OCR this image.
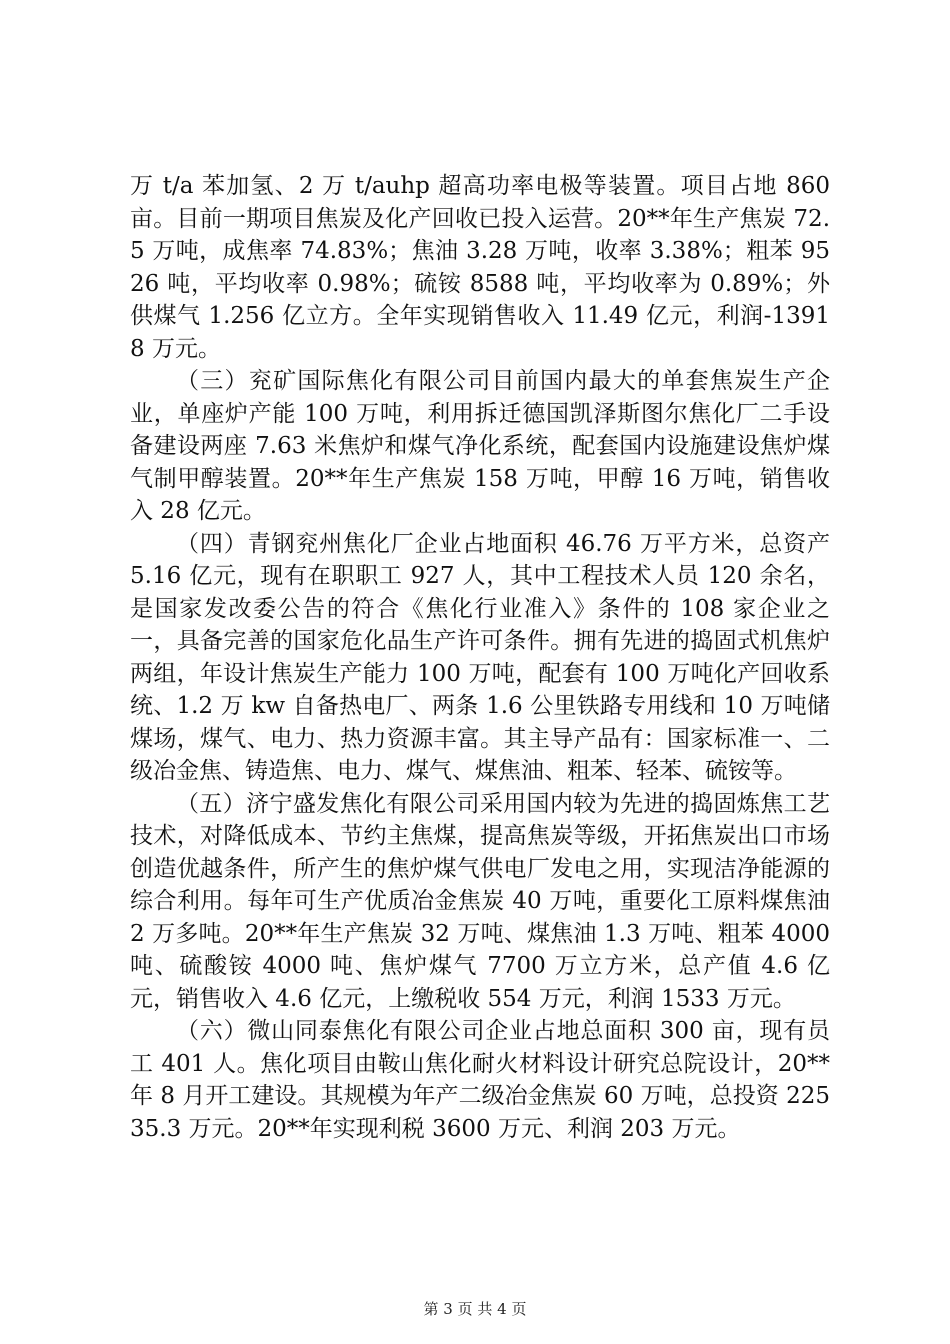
万 t/a 苯加氢、2 万 t/auhp 超高功率电极等装置。项目占地 860 亩。目前一期项目焦炭及化产回收已投入运营。20**年生产焦炭 72.5 万吨，成焦率 74.83%；焦油 3.28 万吨，收率 3.38%；粗苯 9526 吨，平均收率 0.98%；硫铵 8588 吨，平均收率为 0.89%；外供煤气 1.256 亿立方。全年实现销售收入 11.49 亿元，利润-13918 万元。

（三）兖矿国际焦化有限公司目前国内最大的单套焦炭生产企业，单座炉产能 100 万吨，利用拆迁德国凯泽斯图尔焦化厂二手设备建设两座 7.63 米焦炉和煤气净化系统，配套国内设施建设焦炉煤气制甲醇装置。20**年生产焦炭 158 万吨，甲醇 16 万吨，销售收入 28 亿元。

（四）青钢兖州焦化厂企业占地面积 46.76 万平方米，总资产 5.16 亿元，现有在职职工 927 人，其中工程技术人员 120 余名，是国家发改委公告的符合《焦化行业准入》条件的 108 家企业之一，具备完善的国家危化品生产许可条件。拥有先进的捣固式机焦炉两组，年设计焦炭生产能力 100 万吨，配套有 100 万吨化产回收系统、1.2 万 kw 自备热电厂、两条 1.6 公里铁路专用线和 10 万吨储煤场，煤气、电力、热力资源丰富。其主导产品有：国家标准一、二级冶金焦、铸造焦、电力、煤气、煤焦油、粗苯、轻苯、硫铵等。

（五）济宁盛发焦化有限公司采用国内较为先进的捣固炼焦工艺技术，对降低成本、节约主焦煤，提高焦炭等级，开拓焦炭出口市场创造优越条件，所产生的焦炉煤气供电厂发电之用，实现洁净能源的综合利用。每年可生产优质冶金焦炭 40 万吨，重要化工原料煤焦油 2 万多吨。20**年生产焦炭 32 万吨、煤焦油 1.3 万吨、粗苯 4000 吨、硫酸铵 4000 吨、焦炉煤气 7700 万立方米，总产值 4.6 亿元，销售收入 4.6 亿元，上缴税收 554 万元，利润 1533 万元。

（六）微山同泰焦化有限公司企业占地总面积 300 亩，现有员工 401 人。焦化项目由鞍山焦化耐火材料设计研究总院设计，20**年 8 月开工建设。其规模为年产二级冶金焦炭 60 万吨，总投资 22535.3 万元。20**年实现利税 3600 万元、利润 203 万元。

第 3 页 共 4 页
